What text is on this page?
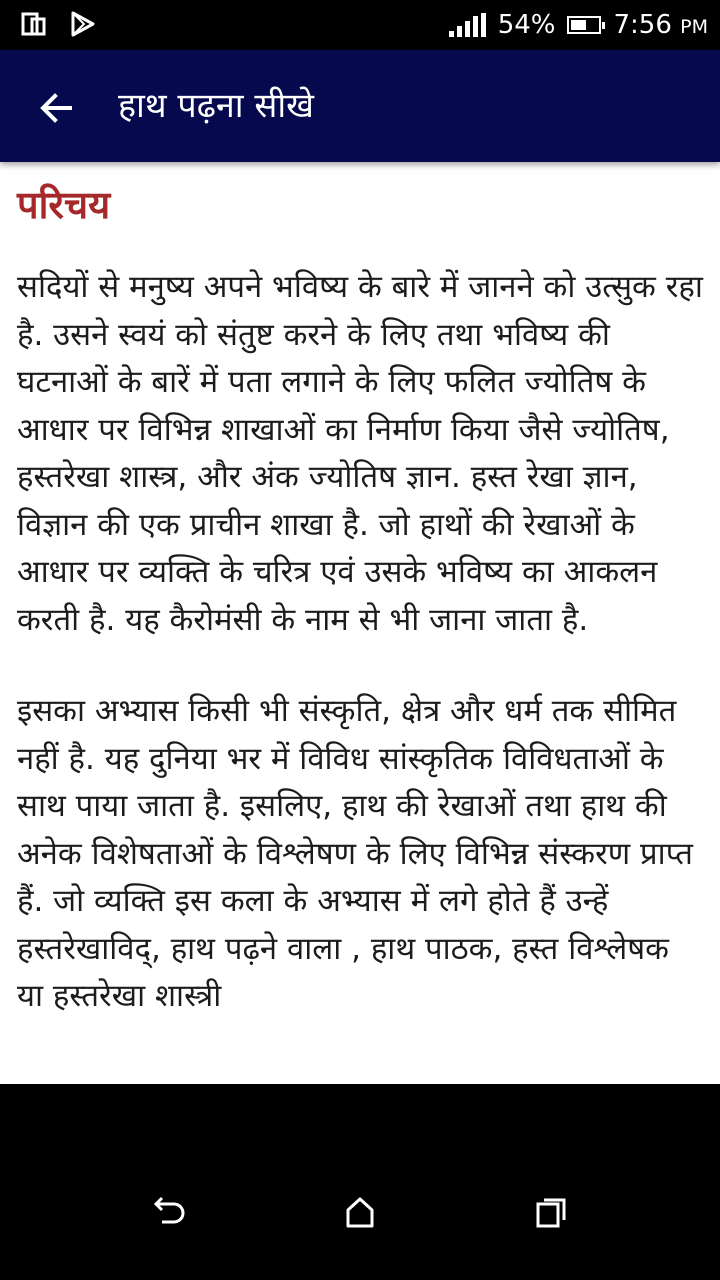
54% 7:56 PM
हाथ पढ़ना सीखे
परिचय

सदियों से मनुष्य अपने भविष्य के बारे में जानने को उत्सुक रहा है. उसने स्वयं को संतुष्ट करने के लिए तथा भविष्य की घटनाओं के बारें में पता लगाने के लिए फलित ज्योतिष के आधार पर विभिन्न शाखाओं का निर्माण किया जैसे ज्योतिष, हस्तरेखा शास्त्र, और अंक ज्योतिष ज्ञान. हस्त रेखा ज्ञान, विज्ञान की एक प्राचीन शाखा है. जो हाथों की रेखाओं के आधार पर व्यक्ति के चरित्र एवं उसके भविष्य का आकलन करती है. यह कैरोमंसी के नाम से भी जाना जाता है.

इसका अभ्यास किसी भी संस्कृति, क्षेत्र और धर्म तक सीमित नहीं है. यह दुनिया भर में विविध सांस्कृतिक विविधताओं के साथ पाया जाता है. इसलिए, हाथ की रेखाओं तथा हाथ की अनेक विशेषताओं के विश्लेषण के लिए विभिन्न संस्करण प्राप्त हैं. जो व्यक्ति इस कला के अभ्यास में लगे होते हैं उन्हें हस्तरेखाविद्, हाथ पढ़ने वाला , हाथ पाठक, हस्त विश्लेषक या हस्तरेखा शास्त्री
